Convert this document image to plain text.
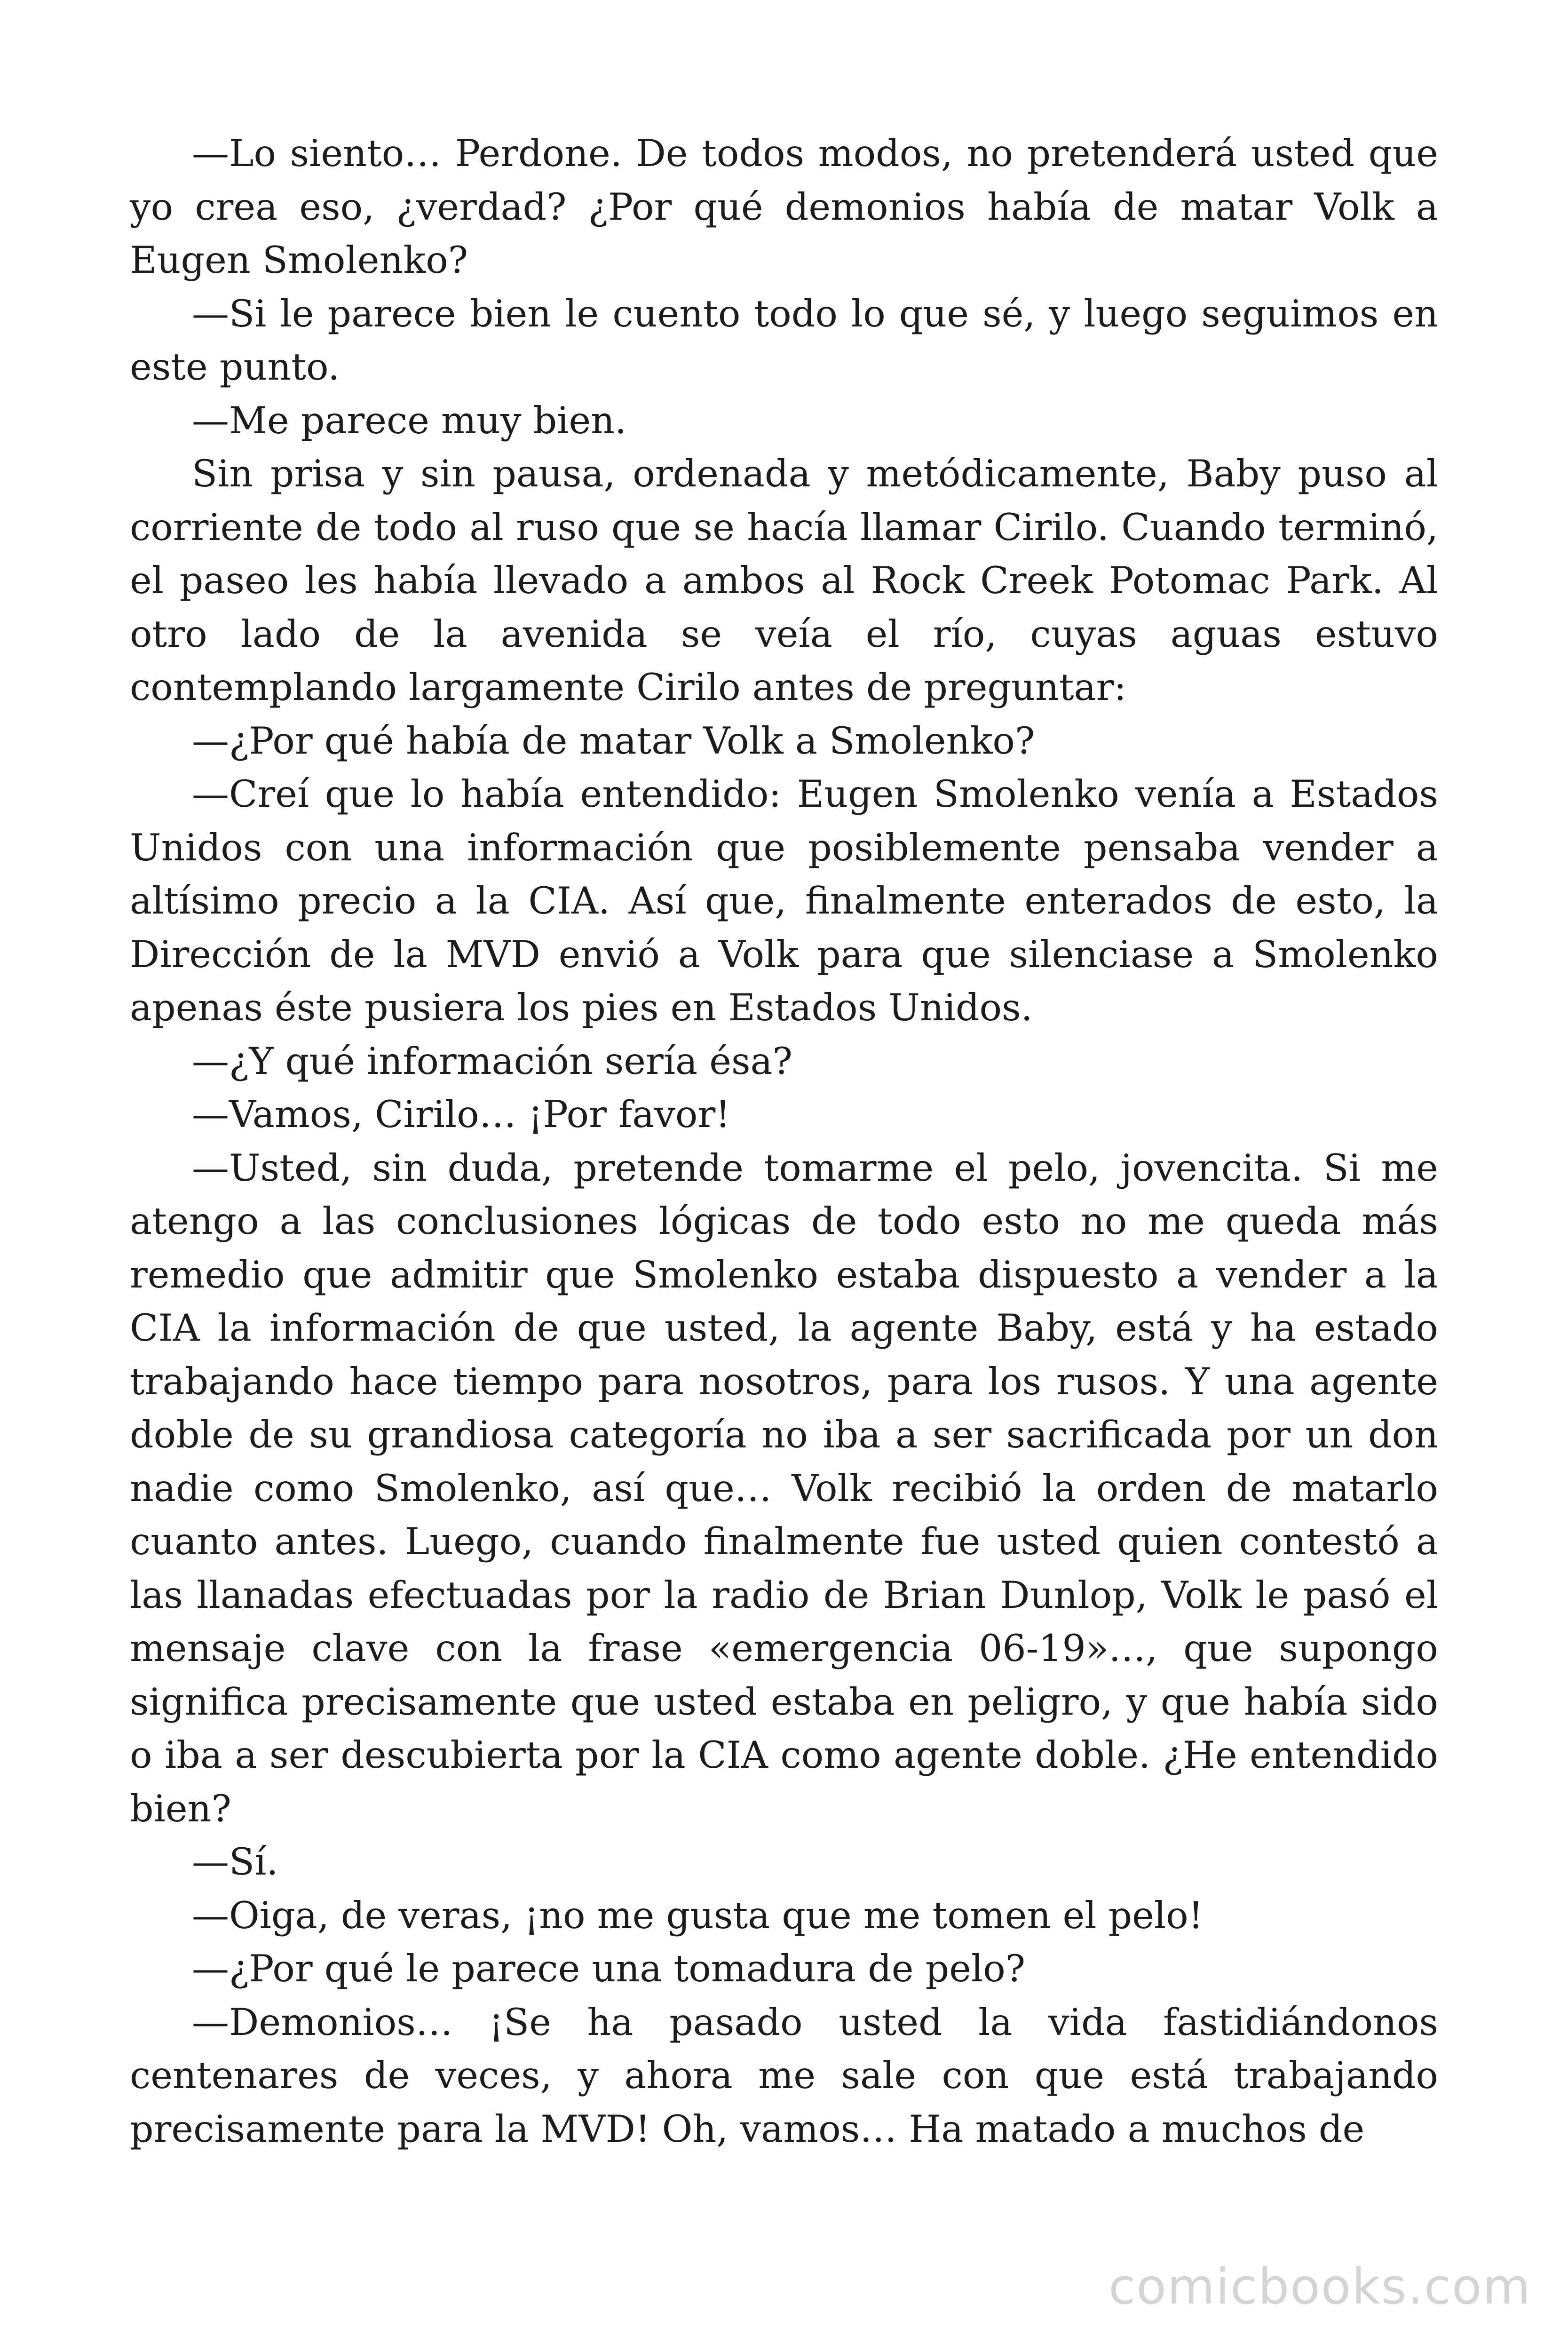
—Lo siento… Perdone. De todos modos, no pretenderá usted que yo crea eso, ¿verdad? ¿Por qué demonios había de matar Volk a Eugen Smolenko?

—Si le parece bien le cuento todo lo que sé, y luego seguimos en este punto.

—Me parece muy bien.

Sin prisa y sin pausa, ordenada y metódicamente, Baby puso al corriente de todo al ruso que se hacía llamar Cirilo. Cuando terminó, el paseo les había llevado a ambos al Rock Creek Potomac Park. Al otro lado de la avenida se veía el río, cuyas aguas estuvo contemplando largamente Cirilo antes de preguntar:

—¿Por qué había de matar Volk a Smolenko?

—Creí que lo había entendido: Eugen Smolenko venía a Estados Unidos con una información que posiblemente pensaba vender a altísimo precio a la CIA. Así que, finalmente enterados de esto, la Dirección de la MVD envió a Volk para que silenciase a Smolenko apenas éste pusiera los pies en Estados Unidos.

—¿Y qué información sería ésa?

—Vamos, Cirilo… ¡Por favor!

—Usted, sin duda, pretende tomarme el pelo, jovencita. Si me atengo a las conclusiones lógicas de todo esto no me queda más remedio que admitir que Smolenko estaba dispuesto a vender a la CIA la información de que usted, la agente Baby, está y ha estado trabajando hace tiempo para nosotros, para los rusos. Y una agente doble de su grandiosa categoría no iba a ser sacrificada por un don nadie como Smolenko, así que… Volk recibió la orden de matarlo cuanto antes. Luego, cuando finalmente fue usted quien contestó a las llanadas efectuadas por la radio de Brian Dunlop, Volk le pasó el mensaje clave con la frase «emergencia 06-19»…, que supongo significa precisamente que usted estaba en peligro, y que había sido o iba a ser descubierta por la CIA como agente doble. ¿He entendido bien?

—Sí.

—Oiga, de veras, ¡no me gusta que me tomen el pelo!

—¿Por qué le parece una tomadura de pelo?

—Demonios… ¡Se ha pasado usted la vida fastidiándonos centenares de veces, y ahora me sale con que está trabajando precisamente para la MVD! Oh, vamos… Ha matado a muchos de

comicbooks.com
